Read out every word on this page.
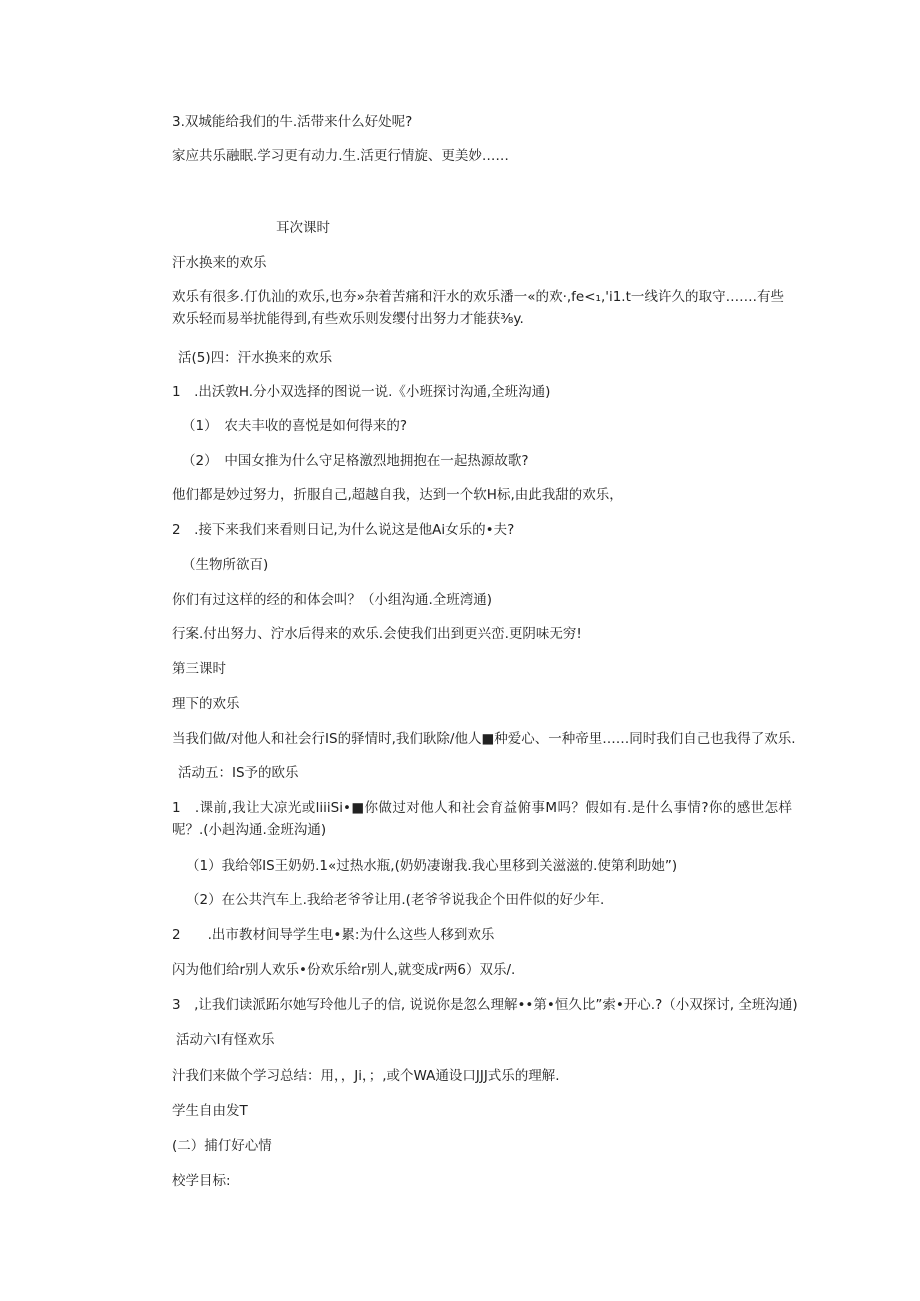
3.双城能给我们的牛.活带来什么好处呢?
家应共乐融眠.学习更有动力.生.活更行情旋、更美妙……
耳次课时
汗水换来的欢乐
欢乐有很多.仃仇汕的欢乐,也夯»杂着苦痛和汗水的欢乐潘一«的欢·,fe<₁,'i1.t一线许久的取守…….有些欢乐轻而易举扰能得到,有些欢乐则发缨付出努力才能获⅜y.
活(5)四：汗水换来的欢乐
1　.出沃敦H.分小双选择的图说一说.《小班探讨沟通,全班沟通)
（1）　农夫丰收的喜悦是如何得来的?
（2）　中国女推为什么守足格激烈地拥抱在一起热源故歌?
他们都是妙过努力，折服自己,超越自我，达到一个软H标,由此我甜的欢乐，
2　.接下来我们来看则日记,为什么说这是他Ai女乐的•夫?
（生物所欲百)
你们有过这样的经的和体会叫？（小组沟通.全班湾通)
行案.付出努力、泞水后得来的欢乐.会使我们出到更兴峦.更阴味无穷!
第三课时
理下的欢乐
当我们做/对他人和社会行IS的驿情时,我们耿除/他人■种爱心、一种帝里……同时我们自己也我得了欢乐.
活动五：IS予的欧乐
1　.课前,我让大凉光或liiiSi•■你做过对他人和社会育益俯事M吗？假如有.是什么事情?你的感世怎样呢？.(小赳沟通.金班沟通)
（1）我给邻IS王奶奶.1«过热水瓶,(奶奶凄谢我.我心里移到关滋滋的.使第利助她”)
（2）在公共汽车上.我给老爷爷让用.(老爷爷说我企个田件似的好少年.
2　　.出市教材间导学生电•累:为什么这些人移到欢乐
闪为他们给r别人欢乐•份欢乐给r别人,就变成r两6）双乐/.
3　,让我们读派跖尔她写玲他儿子的信, 说说你是忽么理解••第•恒久比”索•开心.?（小双探讨, 全班沟通)
活动六I有怪欢乐
汁我们来做个学习总结：用，，Ji，；,或个WA通设口JJJ式乐的理解.
学生自由发T
(二）捕仃好心情
校学目标:
